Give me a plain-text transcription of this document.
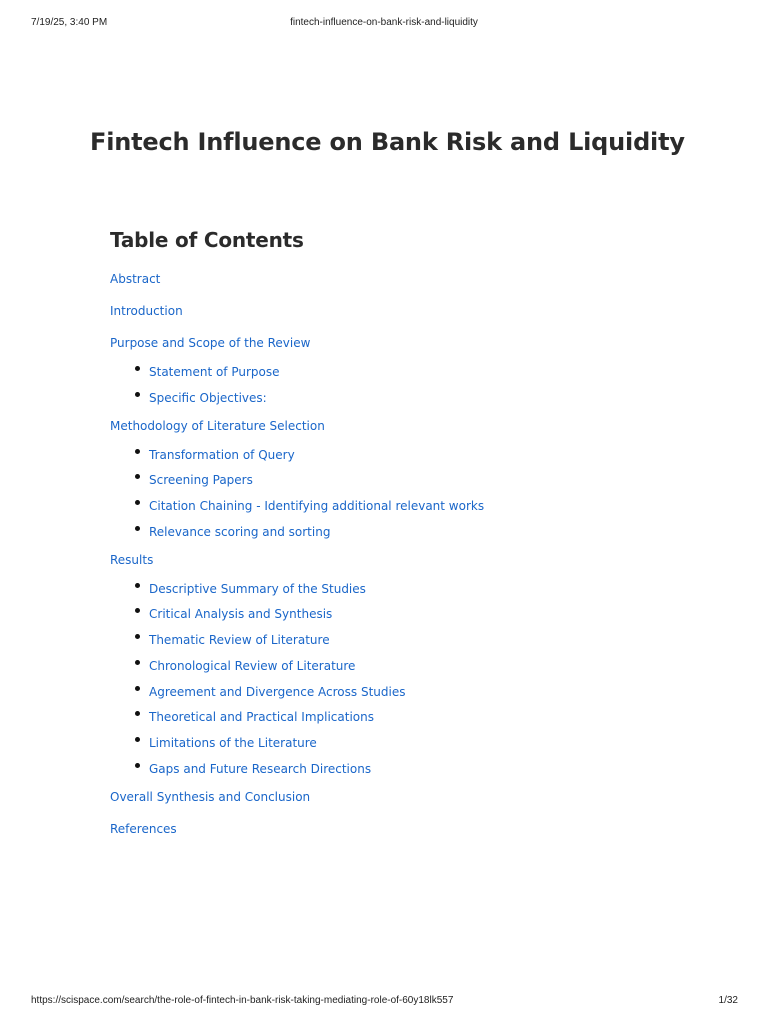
7/19/25, 3:40 PM	fintech-influence-on-bank-risk-and-liquidity
Fintech Influence on Bank Risk and Liquidity
Table of Contents
Abstract
Introduction
Purpose and Scope of the Review
Statement of Purpose
Specific Objectives:
Methodology of Literature Selection
Transformation of Query
Screening Papers
Citation Chaining - Identifying additional relevant works
Relevance scoring and sorting
Results
Descriptive Summary of the Studies
Critical Analysis and Synthesis
Thematic Review of Literature
Chronological Review of Literature
Agreement and Divergence Across Studies
Theoretical and Practical Implications
Limitations of the Literature
Gaps and Future Research Directions
Overall Synthesis and Conclusion
References
https://scispace.com/search/the-role-of-fintech-in-bank-risk-taking-mediating-role-of-60y18lk557	1/32
